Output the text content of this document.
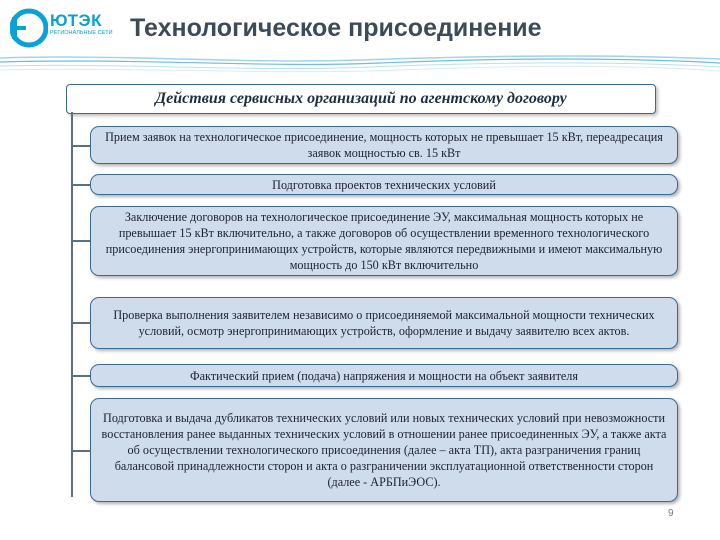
ЮТЭК
РЕГИОНАЛЬНЫЕ СЕТИ Технологическое присоединение
Действия сервисных организаций по агентскому договору
Прием заявок на технологическое присоединение, мощность которых не превышает 15 кВт, переадресация заявок мощностью св. 15 кВт
Подготовка проектов технических условий
Заключение договоров на технологическое присоединение ЭУ, максимальная мощность которых не превышает 15 кВт включительно, а также договоров об осуществлении временного технологического присоединения энергопринимающих устройств, которые являются передвижными и имеют максимальную мощность до 150 кВт включительно
Проверка выполнения заявителем независимо о присоединяемой максимальной мощности технических условий, осмотр энергопринимающих устройств, оформление и выдачу заявителю всех актов.
Фактический прием (подача) напряжения и мощности на объект заявителя
Подготовка и выдача дубликатов технических условий или новых технических условий при невозможности восстановления ранее выданных технических условий в отношении ранее присоединенных ЭУ, а также акта об осуществлении технологического присоединения (далее – акта ТП), акта разграничения границ балансовой принадлежности сторон и акта о разграничении эксплуатационной ответственности сторон (далее - АРБПиЭОС).
9
